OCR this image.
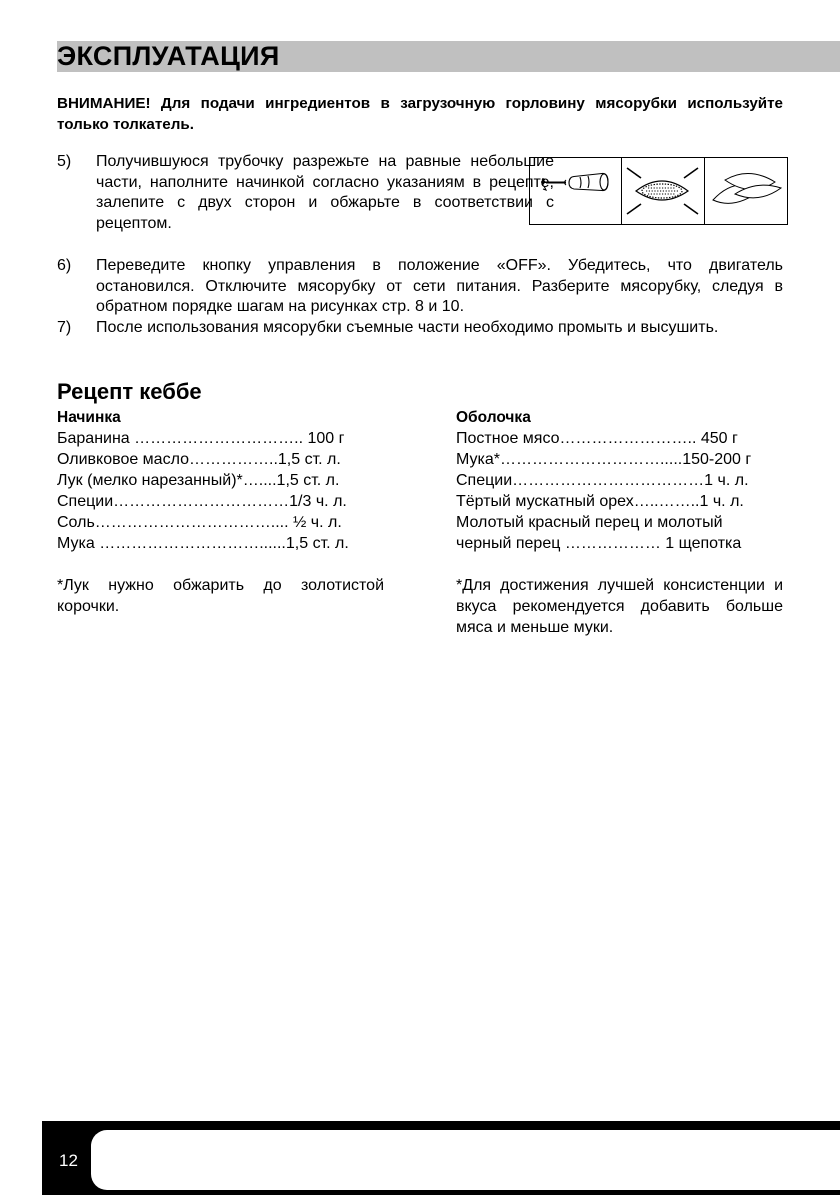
ЭКСПЛУАТАЦИЯ
ВНИМАНИЕ! Для подачи ингредиентов в загрузочную горловину мясорубки используйте только толкатель.
5) Получившуюся трубочку разрежьте на равные небольшие части, наполните начинкой согласно указаниям в рецепте, залепите с двух сторон и обжарьте в соответствии с рецептом.
6) Переведите кнопку управления в положение «OFF». Убедитесь, что двигатель остановился. Отключите мясорубку от сети питания. Разберите мясорубку, следуя в обратном порядке шагам на рисунках стр. 8 и 10.
7) После использования мясорубки съемные части необходимо промыть и высушить.
Рецепт кеббе
Начинка
Баранина ………………………….. 100 г
Оливковое масло……………..1,5 ст. л.
Лук (мелко нарезанный)*…....1,5 ст. л.
Специи……………………………1/3 ч. л.
Соль…………………………….... ½ ч. л.
Мука …………………………......1,5 ст. л.
*Лук нужно обжарить до золотистой корочки.
Оболочка
Постное мясо…………………….. 450 г
Мука*………………………….....150-200 г
Специи………………………………1 ч. л.
Тёртый мускатный орех…..……..1 ч. л.
Молотый красный перец и молотый
черный перец ……………… 1 щепотка
*Для достижения лучшей консистенции и вкуса рекомендуется добавить больше мяса и меньше муки.
12
